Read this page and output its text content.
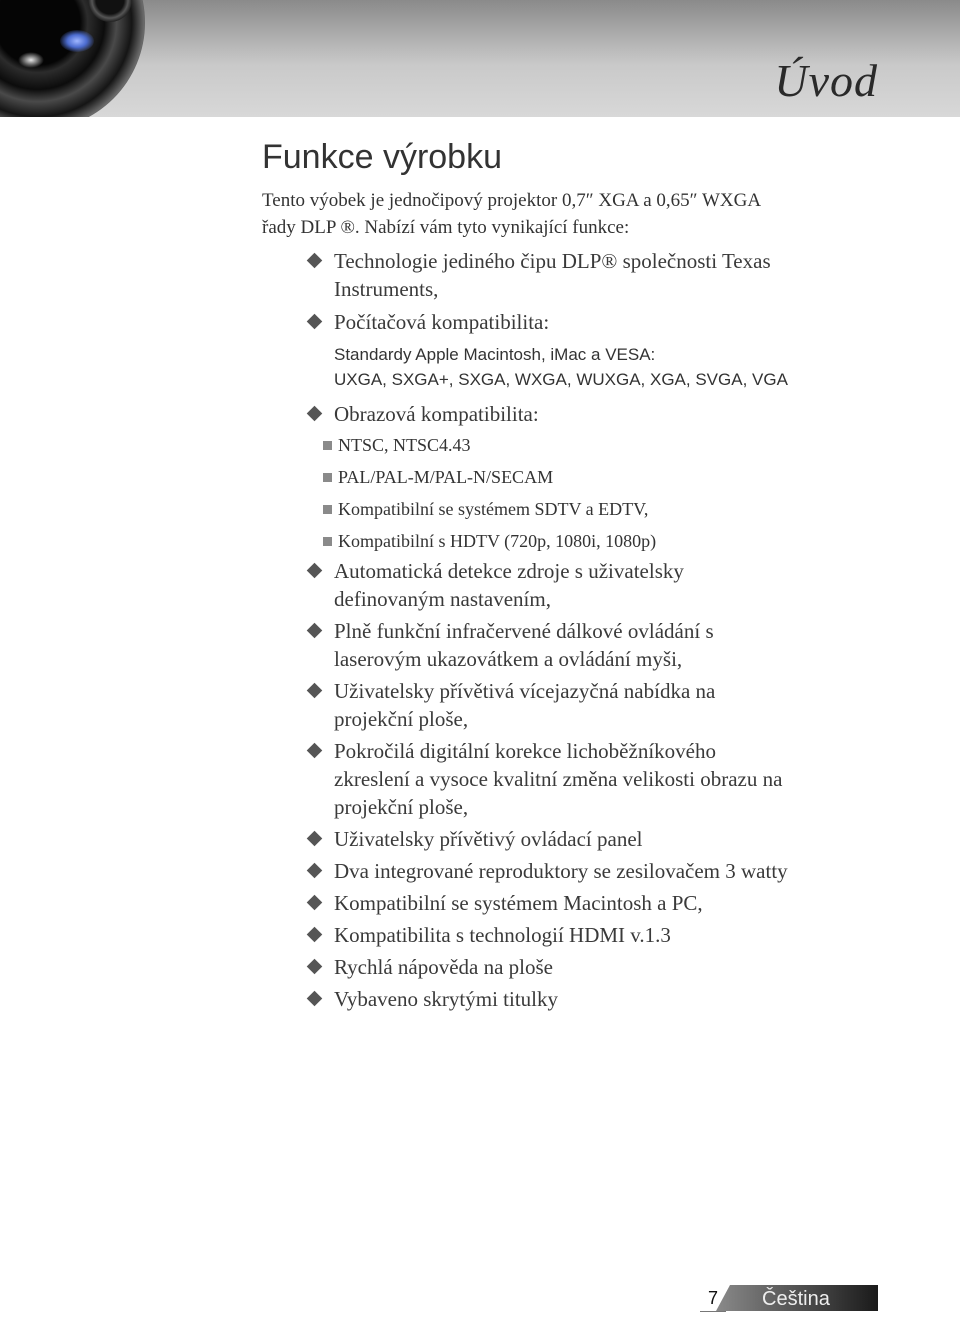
Úvod
Funkce výrobku
Tento výobek je jednočipový projektor 0,7″ XGA a 0,65″ WXGA
řady DLP ®. Nabízí vám tyto vynikající funkce:
Technologie jediného čipu DLP® společnosti Texas
Instruments,
Počítačová kompatibilita:
Standardy Apple Macintosh, iMac a VESA:
UXGA, SXGA+, SXGA, WXGA, WUXGA, XGA, SVGA, VGA
Obrazová kompatibilita:
NTSC, NTSC4.43
PAL/PAL-M/PAL-N/SECAM
Kompatibilní se systémem SDTV a EDTV,
Kompatibilní s HDTV (720p, 1080i, 1080p)
Automatická detekce zdroje s uživatelsky
definovaným nastavením,
Plně funkční infračervené dálkové ovládání s
laserovým ukazovátkem a ovládání myši,
Uživatelsky přívětivá vícejazyčná nabídka na
projekční ploše,
Pokročilá digitální korekce lichoběžníkového
zkreslení a vysoce kvalitní změna velikosti obrazu na
projekční ploše,
Uživatelsky přívětivý ovládací panel
Dva integrované reproduktory se zesilovačem 3 watty
Kompatibilní se systémem Macintosh a PC,
Kompatibilita s technologií HDMI v.1.3
Rychlá nápověda na ploše
Vybaveno skrytými titulky
7	Čeština
